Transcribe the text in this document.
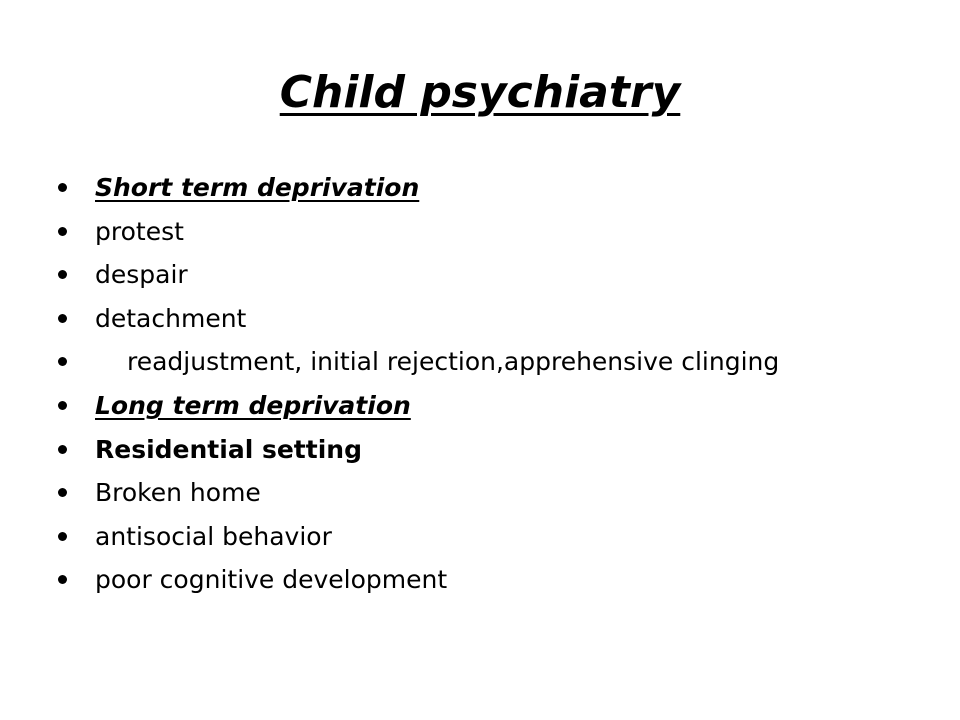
Child psychiatry
Short term deprivation
protest
despair
detachment
readjustment, initial rejection,apprehensive clinging
Long term deprivation
Residential setting
Broken home
antisocial behavior
poor cognitive development
